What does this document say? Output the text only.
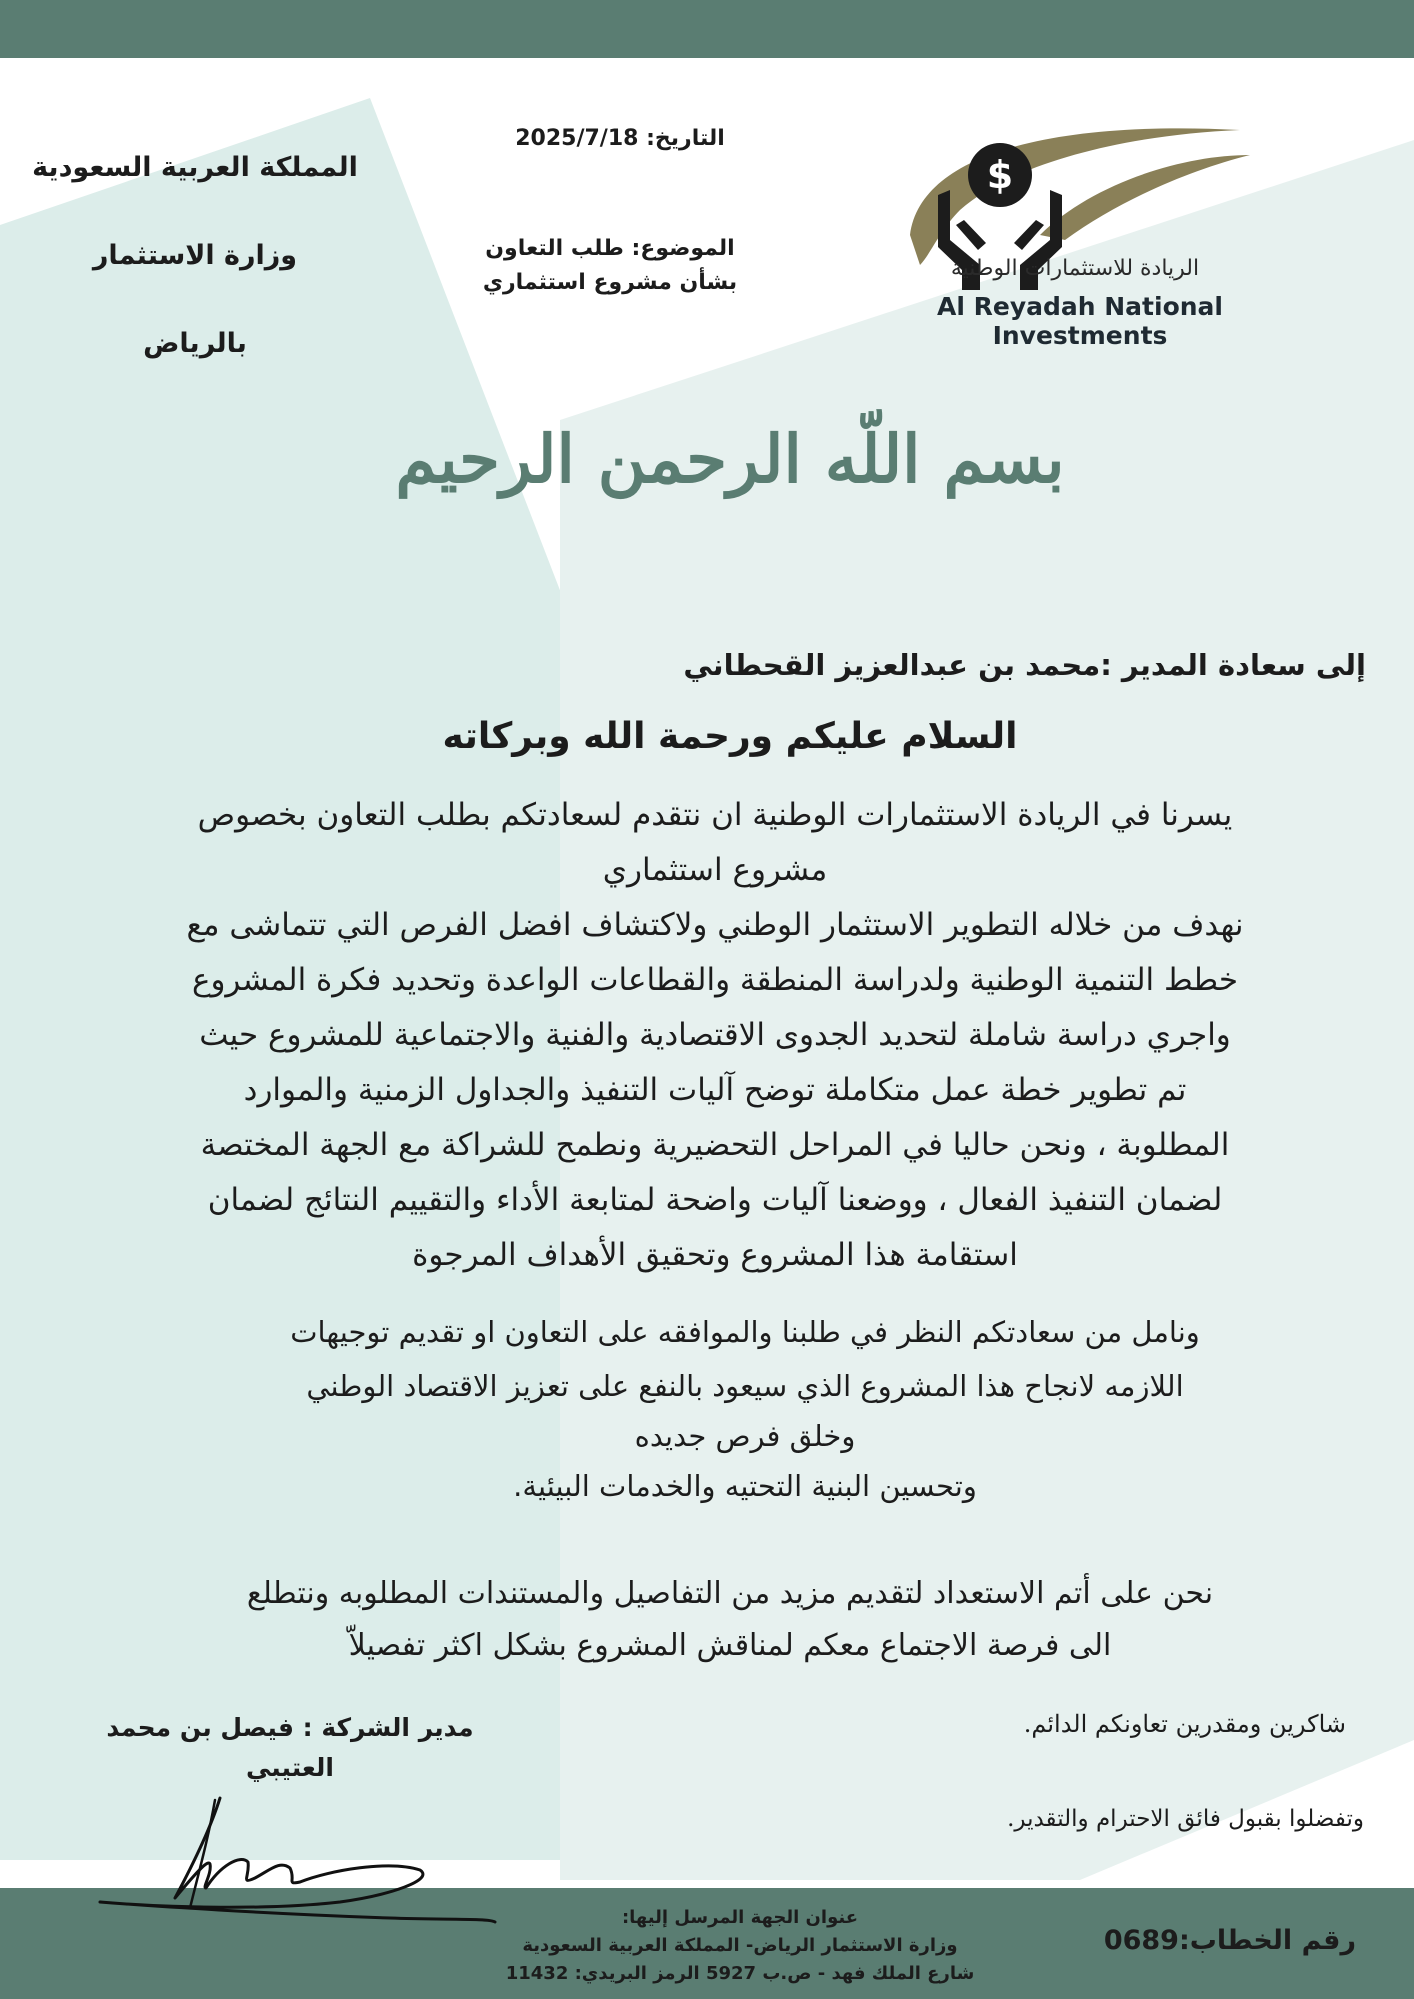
المملكة العربية السعودية
وزارة الاستثمار
بالرياض
التاريخ: 2025/7/18
الموضوع: طلب التعاون
بشأن مشروع استثماري
$
الريادة للاستثمارات الوطنية
Al Reyadah National Investments
بسم اللّه الرحمن الرحيم
إلى سعادة المدير :محمد بن عبدالعزيز القحطاني
السلام عليكم ورحمة الله وبركاته
يسرنا في الريادة الاستثمارات الوطنية ان نتقدم لسعادتكم بطلب التعاون بخصوص
مشروع استثماري
نهدف من خلاله التطوير الاستثمار الوطني ولاكتشاف افضل الفرص التي تتماشى مع
خطط التنمية الوطنية ولدراسة المنطقة والقطاعات الواعدة وتحديد فكرة المشروع
واجري دراسة شاملة لتحديد الجدوى الاقتصادية والفنية والاجتماعية للمشروع حيث
تم تطوير خطة عمل متكاملة توضح آليات التنفيذ والجداول الزمنية والموارد
المطلوبة ، ونحن حاليا في المراحل التحضيرية ونطمح للشراكة مع الجهة المختصة
لضمان التنفيذ الفعال ، ووضعنا آليات واضحة لمتابعة الأداء والتقييم النتائج لضمان
استقامة هذا المشروع وتحقيق الأهداف المرجوة
ونامل من سعادتكم النظر في طلبنا والموافقه على التعاون او تقديم توجيهات
اللازمه لانجاح هذا المشروع الذي سيعود بالنفع على تعزيز الاقتصاد الوطني
وخلق فرص جديده
وتحسين البنية التحتيه والخدمات البيئية.
نحن على أتم الاستعداد لتقديم مزيد من التفاصيل والمستندات المطلوبه ونتطلع
الى فرصة الاجتماع معكم لمناقش المشروع بشكل اكثر تفصيلاّ
مدير الشركة : فيصل بن محمد
العتيبي
شاكرين ومقدرين تعاونكم الدائم.
وتفضلوا بقبول فائق الاحترام والتقدير.
عنوان الجهة المرسل إليها:
وزارة الاستثمار الرياض- المملكة العربية السعودية
شارع الملك فهد - ص.ب 5927 الرمز البريدي: 11432
رقم الخطاب:0689
